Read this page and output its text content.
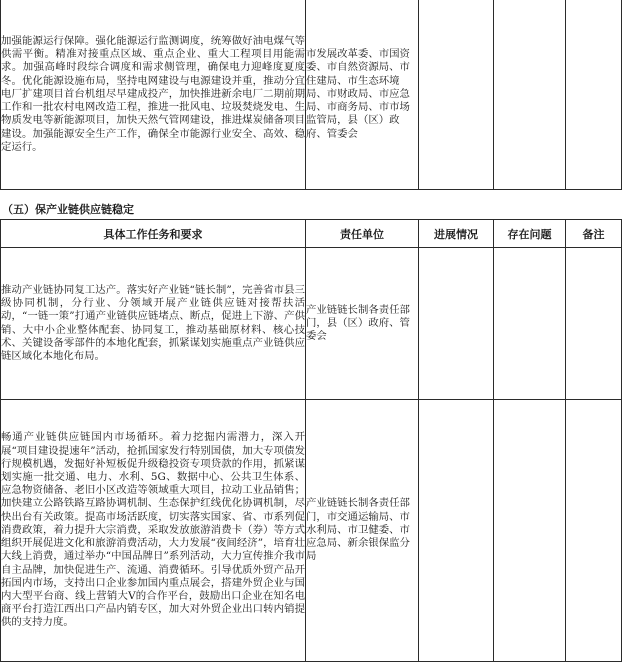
加强能源运行保障。强化能源运行监测调度，统筹做好油电煤气等供需平衡。精准对接重点区域、重点企业、重大工程项目用能需求。加强高峰时段综合调度和需求侧管理，确保电力迎峰度夏度冬。优化能源设施布局，坚持电网建设与电源建设并重，推动分宜电厂扩建项目首台机组尽早建成投产，加快推进新余电厂二期前期工作和一批农村电网改造工程，推进一批风电、垃圾焚烧发电、生物质发电等新能源项目，加快天然气管网建设，推进煤炭储备项目建设。加强能源安全生产工作，确保全市能源行业安全、高效、稳定运行。	市发展改革委、市国资委、市自然资源局、市住建局、市生态环境局、市财政局、市应急局、市商务局、市市场监管局，县（区）政府、管委会			
（五）保产业链供应链稳定
具体工作任务和要求	责任单位	进展情况	存在问题	备注
推动产业链协同复工达产。落实好产业链“链长制”，完善省市县三级协同机制，分行业、分领域开展产业链供应链对接帮扶活动，“一链一策”打通产业链供应链堵点、断点，促进上下游、产供销、大中小企业整体配套、协同复工，推动基础原材料、核心技术、关键设备零部件的本地化配套，抓紧谋划实施重点产业链供应链区域化本地化布局。	产业链链长制各责任部门，县（区）政府、管委会			
畅通产业链供应链国内市场循环。着力挖掘内需潜力，深入开展“项目建设提速年”活动，抢抓国家发行特别国债，加大专项债发行规模机遇，发掘好补短板促升级稳投资专项贷款的作用，抓紧谋划实施一批交通、电力、水利、5G、数据中心、公共卫生体系、应急物资储备、老旧小区改造等领域重大项目，拉动工业品销售；加快建立公路铁路互路协调机制、生态保护红线优化协调机制，尽快出台有关政策。提高市场活跃度，切实落实国家、省、市系列促消费政策，着力提升大宗消费，采取发放旅游消费卡（券）等方式组织开展促进文化和旅游消费活动，大力发展“夜间经济”，培育壮大线上消费，通过举办“中国品牌日”系列活动，大力宣传推介我市自主品牌，加快促进生产、流通、消费循环。引导优质外贸产品开拓国内市场，支持出口企业参加国内重点展会，搭建外贸企业与国内大型平台商、线上营销大V的合作平台，鼓励出口企业在知名电商平台打造江西出口产品内销专区，加大对外贸企业出口转内销提供的支持力度。	产业链链长制各责任部门，市交通运输局、市水利局、市卫健委、市应急局、新余银保监分局			
